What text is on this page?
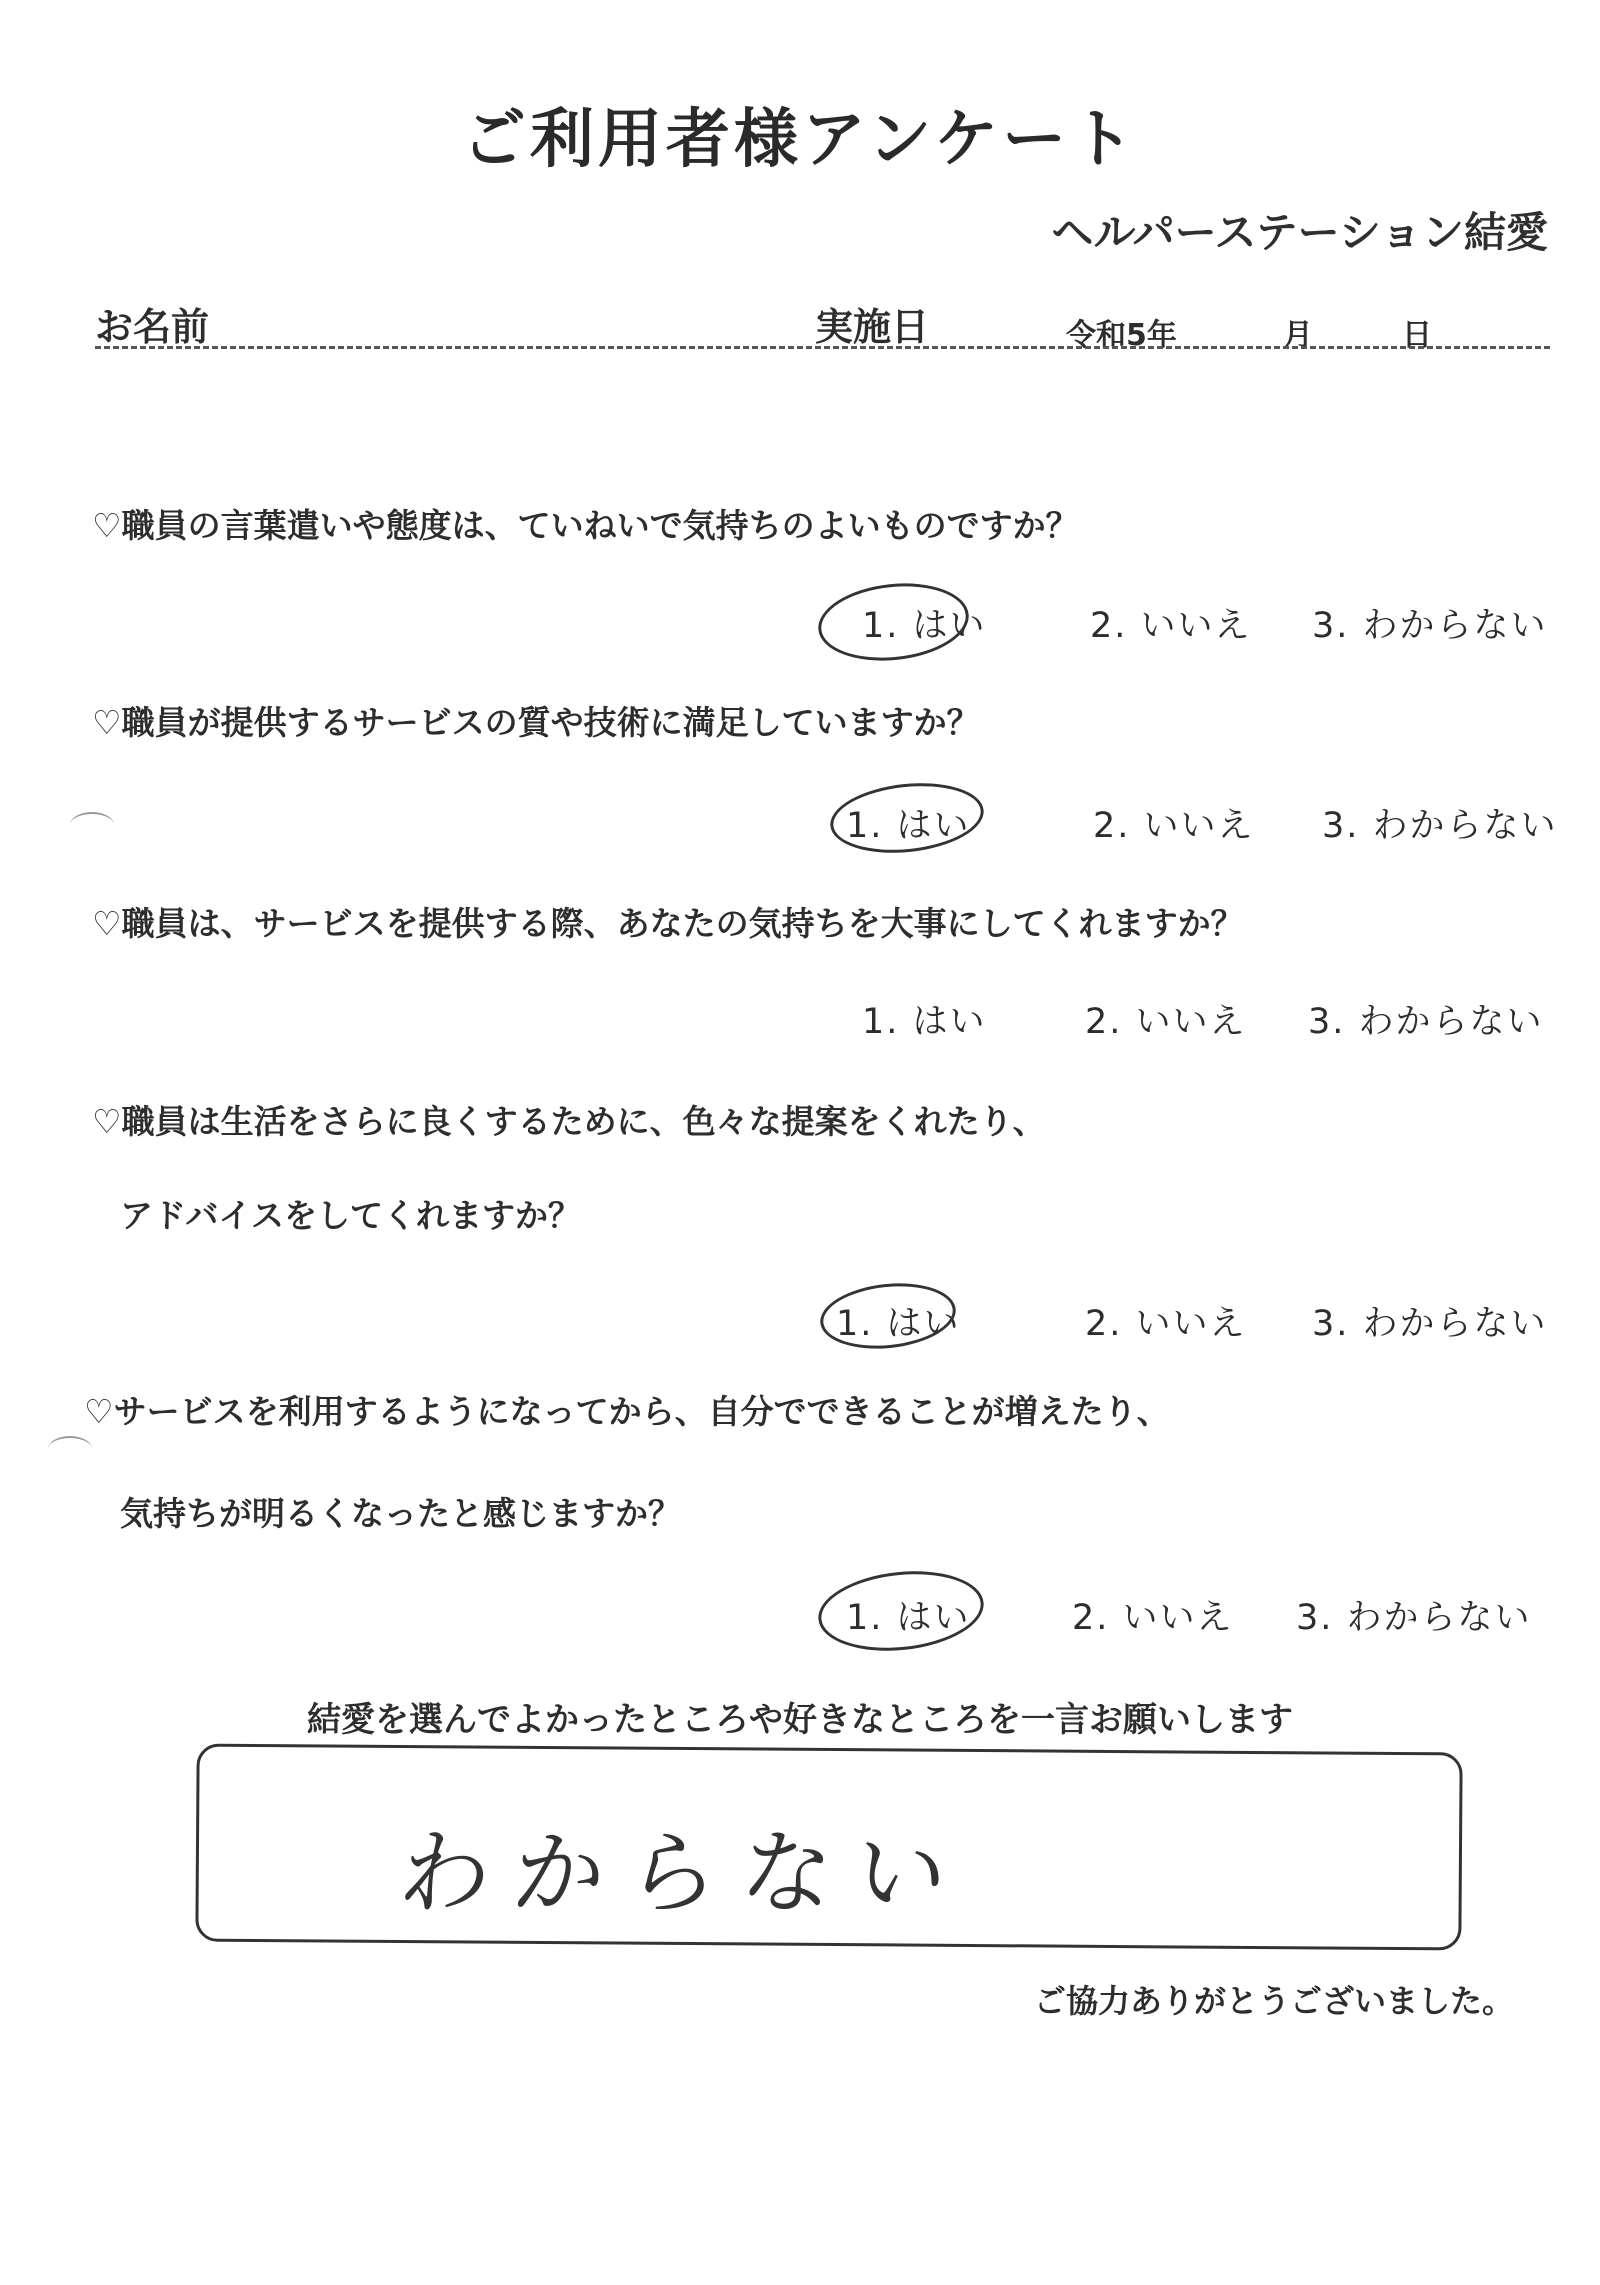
ご利用者様アンケート
ヘルパーステーション結愛
お名前	実施日	令和5年	月	日
♡職員の言葉遣いや態度は、ていねいで気持ちのよいものですか？
1. はい	2. いいえ 3. わからない
♡職員が提供するサービスの質や技術に満足していますか？
1. はい	2. いいえ 3. わからない
♡職員は、サービスを提供する際、あなたの気持ちを大事にしてくれますか？
1. はい	2. いいえ 3. わからない
♡職員は生活をさらに良くするために、色々な提案をくれたり、
アドバイスをしてくれますか？
1. はい	2. いいえ 3. わからない
♡サービスを利用するようになってから、自分でできることが増えたり、
気持ちが明るくなったと感じますか？
1. はい	2. いいえ 3. わからない
結愛を選んでよかったところや好きなところを一言お願いします
わからない
ご協力ありがとうございました。
